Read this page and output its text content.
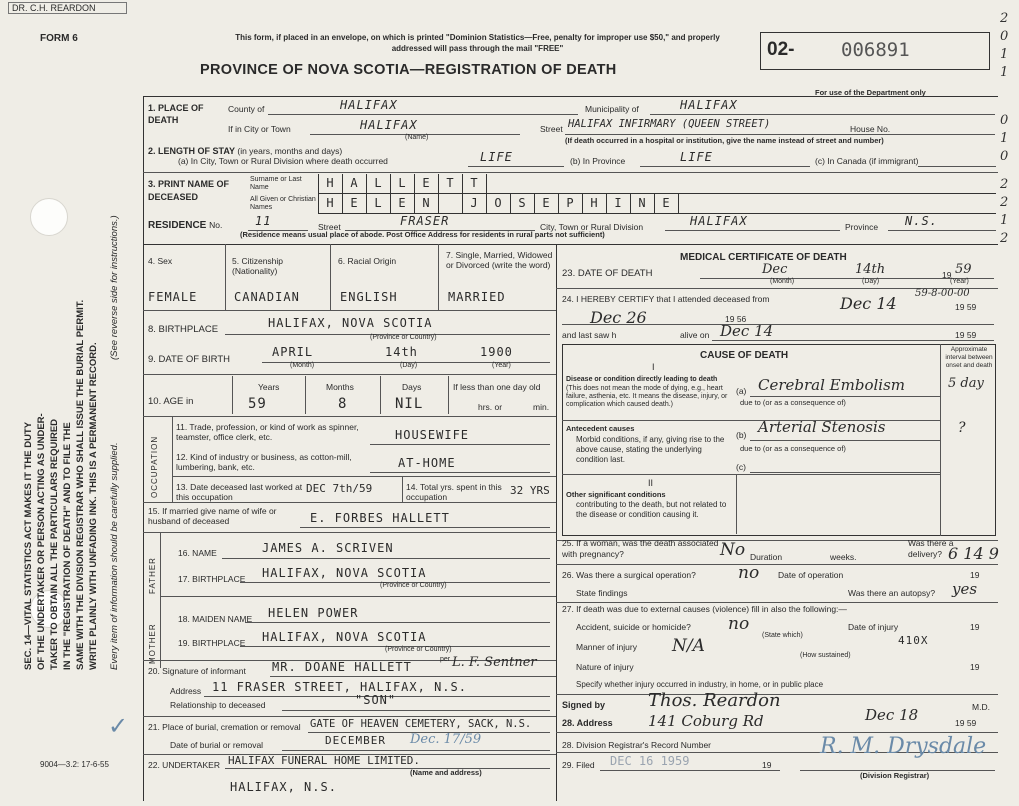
DR. C.H. REARDON
FORM 6	This form, if placed in an envelope, on which is printed "Dominion Statistics—Free, penalty for improper use $50," and properly addressed will pass through the mail "FREE"
PROVINCE OF NOVA SCOTIA—REGISTRATION OF DEATH
02- 006891
For use of the Department only
2
0
1
1
0
1
0
2
2
1
2
SEC. 14—VITAL STATISTICS ACT MAKES IT THE DUTY OF THE UNDERTAKER OR PERSON ACTING AS UNDER- TAKER TO OBTAIN ALL THE PARTICULARS REQUIRED IN THE "REGISTRATION OF DEATH" AND TO FILE THE SAME WITH THE DIVISION REGISTRAR WHO SHALL ISSUE THE BURIAL PERMIT. WRITE PLAINLY WITH UNFADING INK. THIS IS A PERMANENT RECORD. Every item of information should be carefully supplied.
(See reverse side for instructions.)
✓
9004—3.2: 17-6-55
1. PLACE OF DEATH
County of	HALIFAX	Municipality of	HALIFAX
If in City or Town	HALIFAX
(Name)
Street HALIFAX INFIRMARY (QUEEN STREET)	House No.
(If death occurred in a hospital or institution, give the name instead of street and number)
2. LENGTH OF STAY (in years, months and days)
(a) In City, Town or Rural Division where death occurred	LIFE	(b) In Province	LIFE	(c) In Canada (if immigrant)
3. PRINT NAME OF DECEASED
Surname or Last Name
All Given or Christian Names
H	A	L	L	E	T	T
H	E	L	E	N	J	O	S	E	P	H	I	N	E
RESIDENCE No.	11	Street	FRASER	City, Town or Rural Division	HALIFAX	Province N.S.
(Residence means usual place of abode. Post Office Address for residents in rural parts not sufficient)
4. Sex	5. Citizenship (Nationality)
6. Racial Origin
7. Single, Married, Widowed or Divorced (write the word)
FEMALE	CANADIAN	ENGLISH	MARRIED
8. BIRTHPLACE	HALIFAX, NOVA SCOTIA
(Province or Country)
9. DATE OF BIRTH
APRIL	14th	1900
(Month)	(Day)	(Year)
10. AGE in
Years	Months	Days
59	8	NIL
If less than one day old
hrs. or	min.
OCCUPATION
11. Trade, profession, or kind of work as spinner, teamster, office clerk, etc.	HOUSEWIFE
12. Kind of industry or business, as cotton-mill, lumbering, bank, etc.	AT-HOME
13. Date deceased last worked at this occupation
DEC 7th/59	14. Total yrs. spent in this occupation	32 YRS
15. If married give name of wife or husband of deceased	E. FORBES HALLETT
FATHER
16. NAME	JAMES A. SCRIVEN
17. BIRTHPLACE HALIFAX, NOVA SCOTIA
(Province or Country)
MOTHER
18. MAIDEN NAME HELEN POWER
19. BIRTHPLACE HALIFAX, NOVA SCOTIA
(Province or Country)
20. Signature of informant MR. DOANE HALLETT
per L. F. Sentner
Address 11 FRASER STREET, HALIFAX, N.S.
Relationship to deceased	"SON"
21. Place of burial, cremation or removal GATE OF HEAVEN CEMETERY, SACK, N.S.
Date of burial or removal	DECEMBER Dec. 17/59
22. UNDERTAKER HALIFAX FUNERAL HOME LIMITED.
(Name and address)
HALIFAX, N.S.
MEDICAL CERTIFICATE OF DEATH
23. DATE OF DEATH	Dec	14th	19 59
(Month)	(Day)	(Year)
24. I HEREBY CERTIFY that I attended deceased from	59-8-00-00
Dec 26	19 56
Dec 14	19 59
and last saw h	alive on Dec 14	19 59
CAUSE OF DEATH
Approximate interval between onset and death
I
Disease or condition directly leading to death
(This does not mean the mode of dying, e.g., heart failure, asthenia, etc. It means the disease, injury, or complication which caused death.)
(a) Cerebral Embolism	5 day
due to (or as a consequence of)
Antecedent causes
Morbid conditions, if any, giving rise to the above cause, stating the underlying condition last.
(b) Arterial Stenosis	?
due to (or as a consequence of)
(c)
II
Other significant conditions
contributing to the death, but not related to the disease or condition causing it.
25. If a woman, was the death associated with pregnancy?	No Duration	weeks.
Was there a delivery? 6 14 9
26. Was there a surgical operation? no Date of operation	19
State findings	Was there an autopsy? yes
27. If death was due to external causes (violence) fill in also the following:—
Accident, suicide or homicide? no
(State which)
Date of injury	19
Manner of injury N/A	410X
(How sustained)
Nature of injury	19
Specify whether injury occurred in industry, in home, or in public place
Signed by Thos. Reardon	M.D.
28. Address 141 Coburg Rd	Dec 18	19 59
28. Division Registrar's Record Number
29. Filed DEC 16 1959	19
R. M. Drysdale
(Division Registrar)
